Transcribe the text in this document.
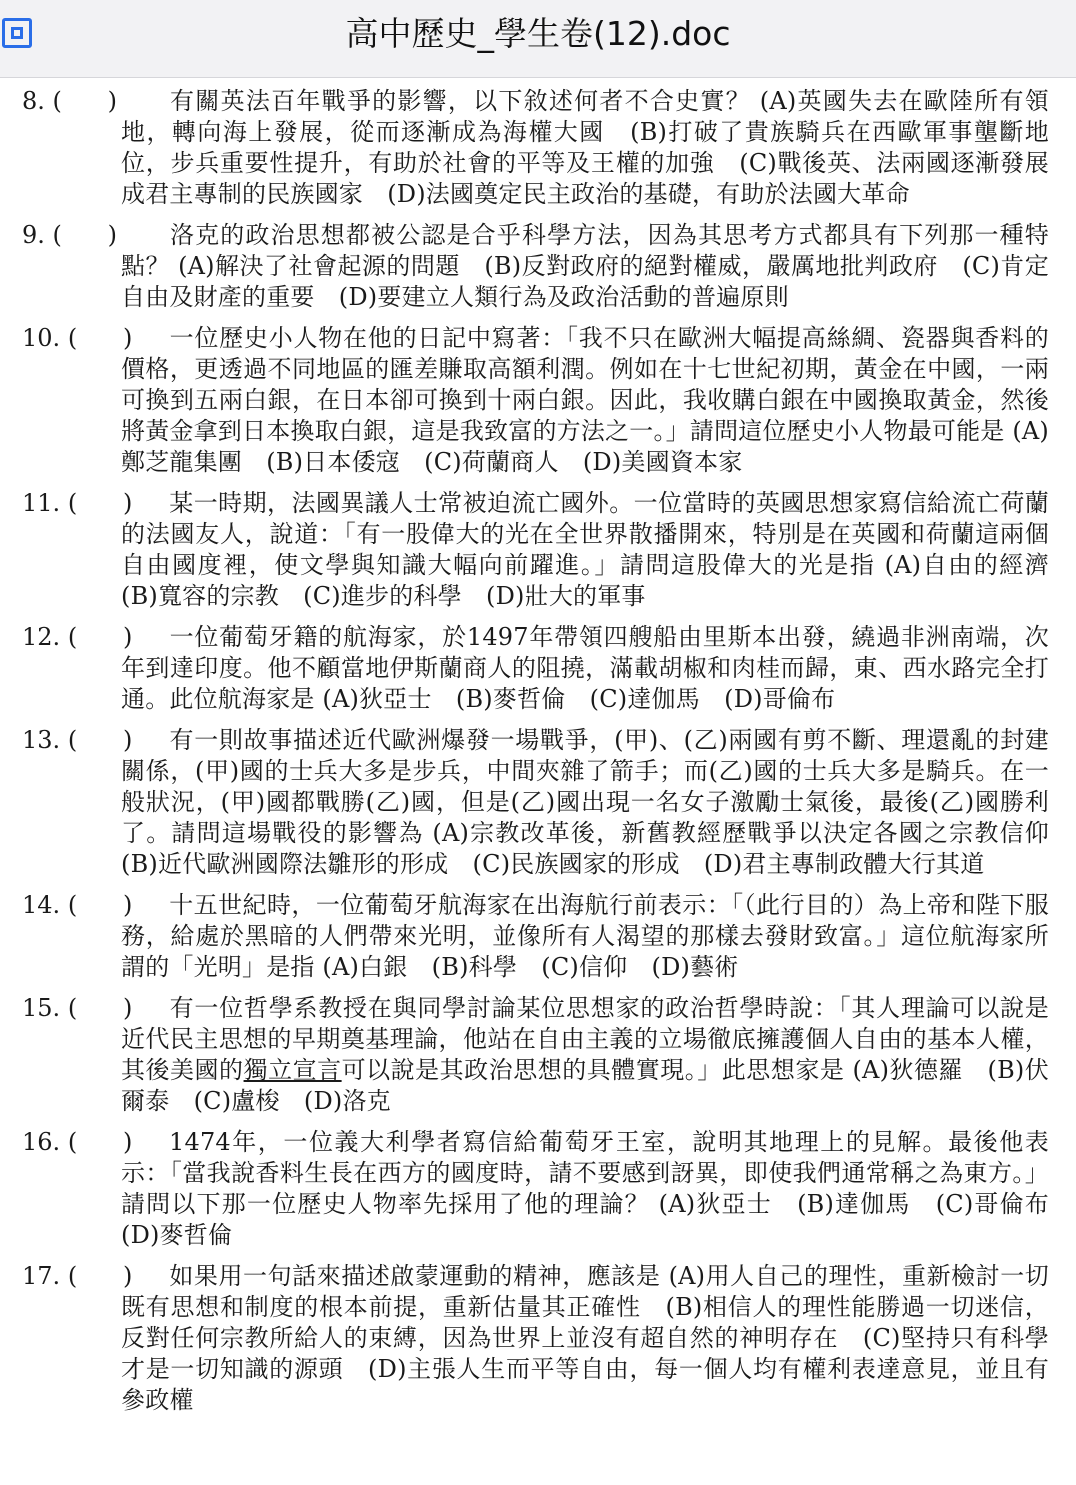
高中歷史_學生卷(12).doc
8. (      )	有關英法百年戰爭的影響，以下敘述何者不合史實？ (A)英國失去在歐陸所有領地，轉向海上發展，從而逐漸成為海權大國　(B)打破了貴族騎兵在西歐軍事壟斷地位，步兵重要性提升，有助於社會的平等及王權的加強　(C)戰後英、法兩國逐漸發展成君主專制的民族國家　(D)法國奠定民主政治的基礎，有助於法國大革命
9. (      )	洛克的政治思想都被公認是合乎科學方法，因為其思考方式都具有下列那一種特點？ (A)解決了社會起源的問題　(B)反對政府的絕對權威，嚴厲地批判政府　(C)肯定自由及財產的重要　(D)要建立人類行為及政治活動的普遍原則
10. (      )	一位歷史小人物在他的日記中寫著：「我不只在歐洲大幅提高絲綢、瓷器與香料的價格，更透過不同地區的匯差賺取高額利潤。例如在十七世紀初期，黃金在中國，一兩可換到五兩白銀，在日本卻可換到十兩白銀。因此，我收購白銀在中國換取黃金，然後將黃金拿到日本換取白銀，這是我致富的方法之一。」請問這位歷史小人物最可能是 (A)鄭芝龍集團　(B)日本倭寇　(C)荷蘭商人　(D)美國資本家
11. (      )	某一時期，法國異議人士常被迫流亡國外。一位當時的英國思想家寫信給流亡荷蘭的法國友人，說道：「有一股偉大的光在全世界散播開來，特別是在英國和荷蘭這兩個自由國度裡，使文學與知識大幅向前躍進。」請問這股偉大的光是指 (A)自由的經濟　(B)寬容的宗教　(C)進步的科學　(D)壯大的軍事
12. (      )	一位葡萄牙籍的航海家，於1497年帶領四艘船由里斯本出發，繞過非洲南端，次年到達印度。他不顧當地伊斯蘭商人的阻撓，滿載胡椒和肉桂而歸，東、西水路完全打通。此位航海家是 (A)狄亞士　(B)麥哲倫　(C)達伽馬　(D)哥倫布
13. (      )	有一則故事描述近代歐洲爆發一場戰爭，(甲)、(乙)兩國有剪不斷、理還亂的封建關係，(甲)國的士兵大多是步兵，中間夾雜了箭手；而(乙)國的士兵大多是騎兵。在一般狀況，(甲)國都戰勝(乙)國，但是(乙)國出現一名女子激勵士氣後，最後(乙)國勝利了。請問這場戰役的影響為 (A)宗教改革後，新舊教經歷戰爭以決定各國之宗教信仰　(B)近代歐洲國際法雛形的形成　(C)民族國家的形成　(D)君主專制政體大行其道
14. (      )	十五世紀時，一位葡萄牙航海家在出海航行前表示：「（此行目的）為上帝和陛下服務，給處於黑暗的人們帶來光明，並像所有人渴望的那樣去發財致富。」這位航海家所謂的「光明」是指 (A)白銀　(B)科學　(C)信仰　(D)藝術
15. (      )	有一位哲學系教授在與同學討論某位思想家的政治哲學時說：「其人理論可以說是近代民主思想的早期奠基理論，他站在自由主義的立場徹底擁護個人自由的基本人權，其後美國的獨立宣言可以說是其政治思想的具體實現。」此思想家是 (A)狄德羅　(B)伏爾泰　(C)盧梭　(D)洛克
16. (      )	1474年，一位義大利學者寫信給葡萄牙王室，說明其地理上的見解。最後他表示：「當我說香料生長在西方的國度時，請不要感到訝異，即使我們通常稱之為東方。」請問以下那一位歷史人物率先採用了他的理論？ (A)狄亞士　(B)達伽馬　(C)哥倫布　(D)麥哲倫
17. (      )	如果用一句話來描述啟蒙運動的精神，應該是 (A)用人自己的理性，重新檢討一切既有思想和制度的根本前提，重新估量其正確性　(B)相信人的理性能勝過一切迷信，反對任何宗教所給人的束縛，因為世界上並沒有超自然的神明存在　(C)堅持只有科學才是一切知識的源頭　(D)主張人生而平等自由，每一個人均有權利表達意見，並且有參政權
